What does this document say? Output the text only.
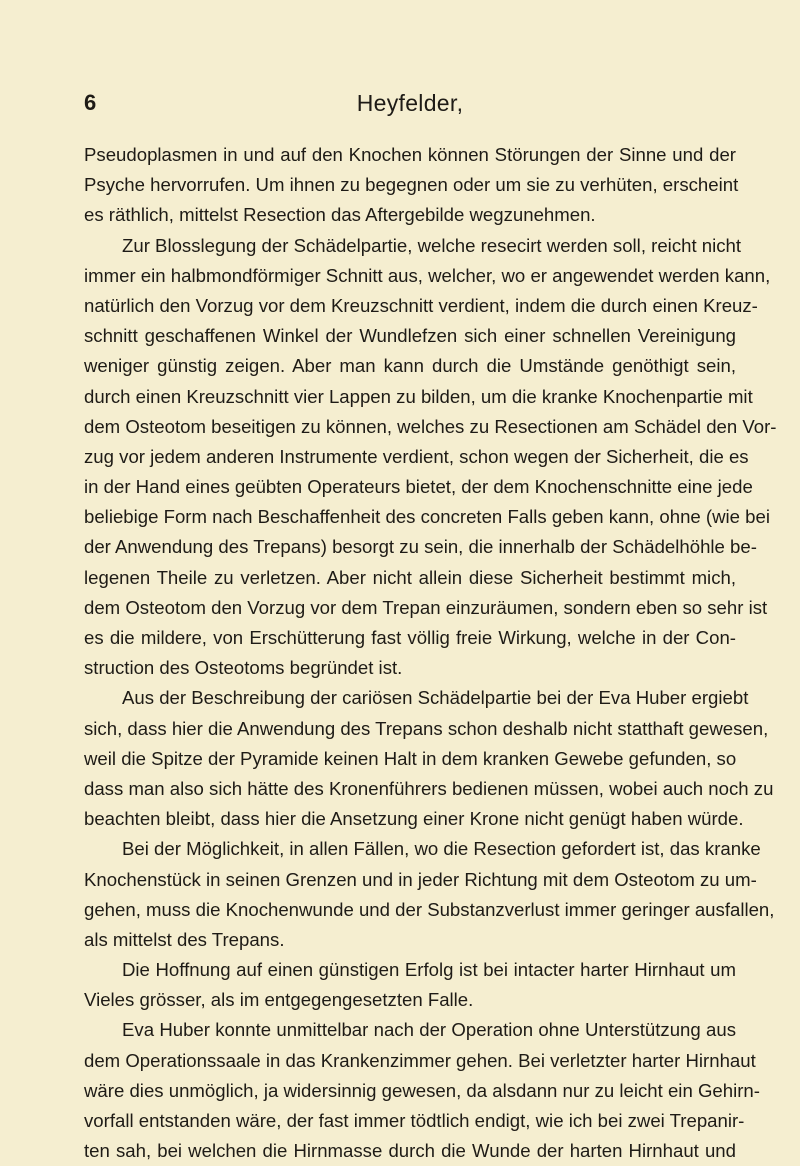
6	Heyfelder,
Pseudoplasmen in und auf den Knochen können Störungen der Sinne und der
Psyche hervorrufen. Um ihnen zu begegnen oder um sie zu verhüten, erscheint
es räthlich, mittelst Resection das Aftergebilde wegzunehmen.
Zur Blosslegung der Schädelpartie, welche resecirt werden soll, reicht nicht
immer ein halbmondförmiger Schnitt aus, welcher, wo er angewendet werden kann,
natürlich den Vorzug vor dem Kreuzschnitt verdient, indem die durch einen Kreuz-
schnitt geschaffenen Winkel der Wundlefzen sich einer schnellen Vereinigung
weniger günstig zeigen. Aber man kann durch die Umstände genöthigt sein,
durch einen Kreuzschnitt vier Lappen zu bilden, um die kranke Knochenpartie mit
dem Osteotom beseitigen zu können, welches zu Resectionen am Schädel den Vor-
zug vor jedem anderen Instrumente verdient, schon wegen der Sicherheit, die es
in der Hand eines geübten Operateurs bietet, der dem Knochenschnitte eine jede
beliebige Form nach Beschaffenheit des concreten Falls geben kann, ohne (wie bei
der Anwendung des Trepans) besorgt zu sein, die innerhalb der Schädelhöhle be-
legenen Theile zu verletzen. Aber nicht allein diese Sicherheit bestimmt mich,
dem Osteotom den Vorzug vor dem Trepan einzuräumen, sondern eben so sehr ist
es die mildere, von Erschütterung fast völlig freie Wirkung, welche in der Con-
struction des Osteotoms begründet ist.
Aus der Beschreibung der cariösen Schädelpartie bei der Eva Huber ergiebt
sich, dass hier die Anwendung des Trepans schon deshalb nicht statthaft gewesen,
weil die Spitze der Pyramide keinen Halt in dem kranken Gewebe gefunden, so
dass man also sich hätte des Kronenführers bedienen müssen, wobei auch noch zu
beachten bleibt, dass hier die Ansetzung einer Krone nicht genügt haben würde.
Bei der Möglichkeit, in allen Fällen, wo die Resection gefordert ist, das kranke
Knochenstück in seinen Grenzen und in jeder Richtung mit dem Osteotom zu um-
gehen, muss die Knochenwunde und der Substanzverlust immer geringer ausfallen,
als mittelst des Trepans.
Die Hoffnung auf einen günstigen Erfolg ist bei intacter harter Hirnhaut um
Vieles grösser, als im entgegengesetzten Falle.
Eva Huber konnte unmittelbar nach der Operation ohne Unterstützung aus
dem Operationssaale in das Krankenzimmer gehen. Bei verletzter harter Hirnhaut
wäre dies unmöglich, ja widersinnig gewesen, da alsdann nur zu leicht ein Gehirn-
vorfall entstanden wäre, der fast immer tödtlich endigt, wie ich bei zwei Trepanir-
ten sah, bei welchen die Hirnmasse durch die Wunde der harten Hirnhaut und
